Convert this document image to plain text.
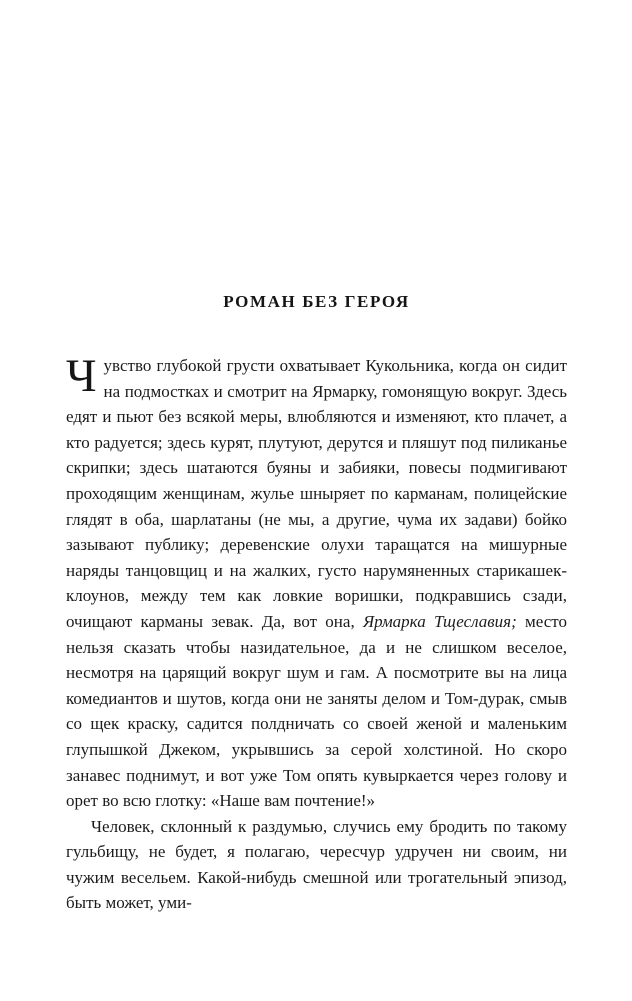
РОМАН БЕЗ ГЕРОЯ

Чувство глубокой грусти охватывает Кукольника, когда он сидит на подмостках и смотрит на Ярмарку, гомонящую вокруг. Здесь едят и пьют без всякой меры, влюбляются и изменяют, кто плачет, а кто радуется; здесь курят, плутуют, дерутся и пляшут под пиликанье скрипки; здесь шатаются буяны и забияки, повесы подмигивают проходящим женщинам, жулье шныряет по карманам, полицейские глядят в оба, шарлатаны (не мы, а другие, чума их задави) бойко зазывают публику; деревенские олухи таращатся на мишурные наряды танцовщиц и на жалких, густо нарумяненных старикашек-клоунов, между тем как ловкие воришки, подкравшись сзади, очищают карманы зевак. Да, вот она, Ярмарка Тщеславия; место нельзя сказать чтобы назидательное, да и не слишком веселое, несмотря на царящий вокруг шум и гам. А посмотрите вы на лица комедиантов и шутов, когда они не заняты делом и Том-дурак, смыв со щек краску, садится полдничать со своей женой и маленьким глупышкой Джеком, укрывшись за серой холстиной. Но скоро занавес поднимут, и вот уже Том опять кувыркается через голову и орет во всю глотку: «Наше вам почтение!»

Человек, склонный к раздумью, случись ему бродить по такому гульбищу, не будет, я полагаю, чересчур удручен ни своим, ни чужим весельем. Какой-нибудь смешной или трогательный эпизод, быть может, уми-
